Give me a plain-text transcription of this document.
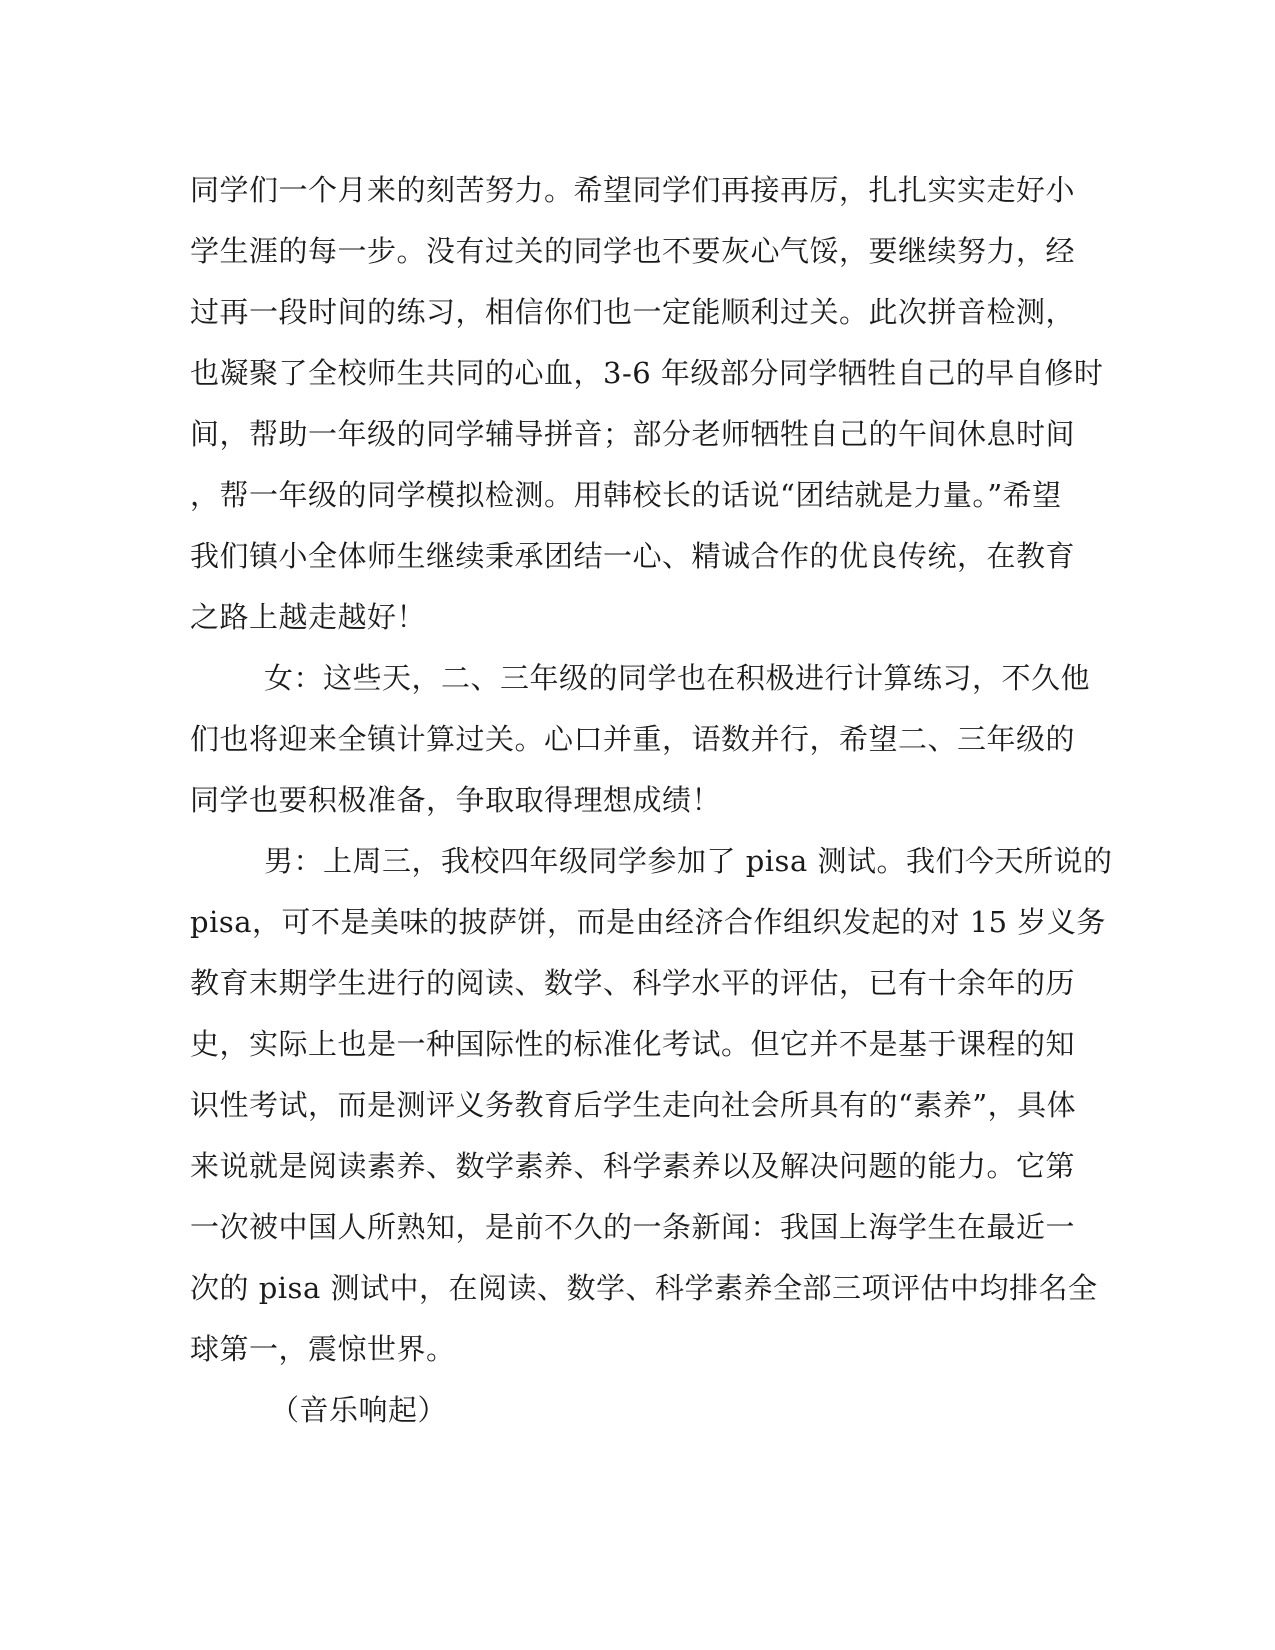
同学们一个月来的刻苦努力。希望同学们再接再厉，扎扎实实走好小
学生涯的每一步。没有过关的同学也不要灰心气馁，要继续努力，经
过再一段时间的练习，相信你们也一定能顺利过关。此次拼音检测，
也凝聚了全校师生共同的心血，3-6 年级部分同学牺牲自己的早自修时
间，帮助一年级的同学辅导拼音；部分老师牺牲自己的午间休息时间
，帮一年级的同学模拟检测。用韩校长的话说“团结就是力量。”希望
我们镇小全体师生继续秉承团结一心、精诚合作的优良传统，在教育
之路上越走越好！
女：这些天，二、三年级的同学也在积极进行计算练习，不久他
们也将迎来全镇计算过关。心口并重，语数并行，希望二、三年级的
同学也要积极准备，争取取得理想成绩！
男：上周三，我校四年级同学参加了 pisa 测试。我们今天所说的
pisa，可不是美味的披萨饼，而是由经济合作组织发起的对 15 岁义务
教育末期学生进行的阅读、数学、科学水平的评估，已有十余年的历
史，实际上也是一种国际性的标准化考试。但它并不是基于课程的知
识性考试，而是测评义务教育后学生走向社会所具有的“素养”，具体
来说就是阅读素养、数学素养、科学素养以及解决问题的能力。它第
一次被中国人所熟知，是前不久的一条新闻：我国上海学生在最近一
次的 pisa 测试中，在阅读、数学、科学素养全部三项评估中均排名全
球第一，震惊世界。
（音乐响起）
